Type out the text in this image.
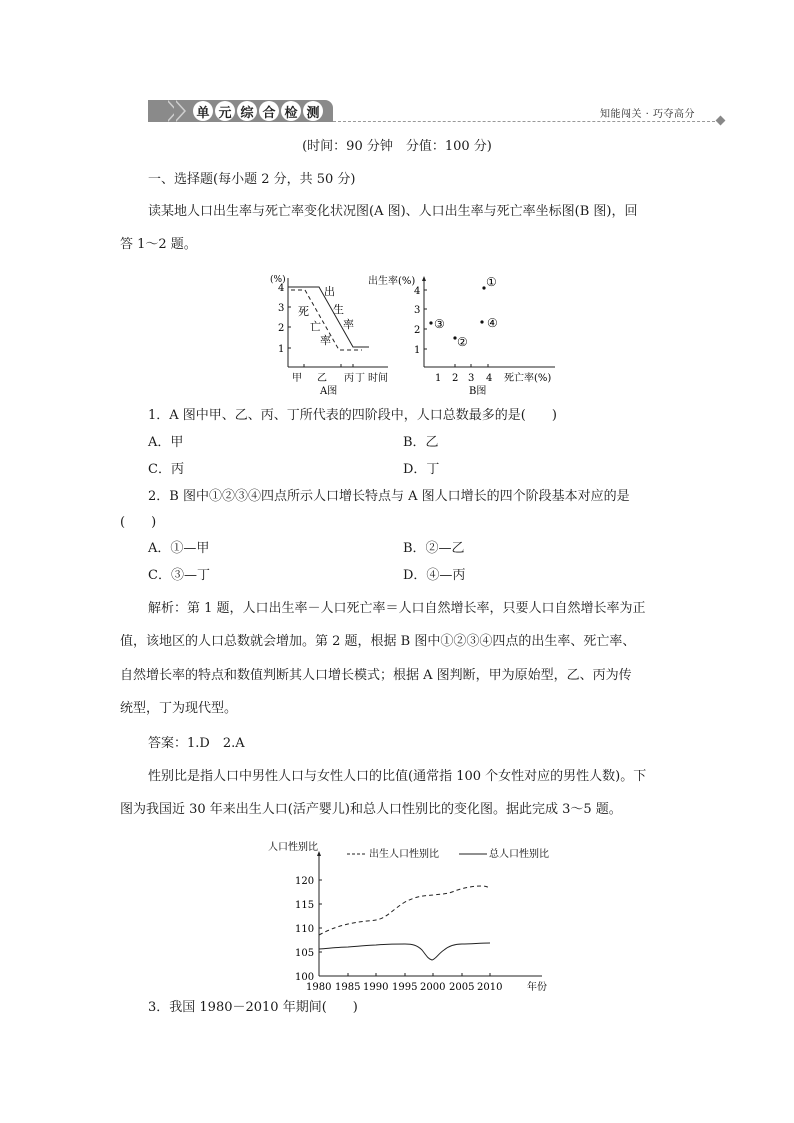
单 元 综 合 检 测	知能闯关 · 巧夺高分
(时间：90 分钟　分值：100 分)
一、选择题(每小题 2 分，共 50 分)
读某地人口出生率与死亡率变化状况图(A 图)、人口出生率与死亡率坐标图(B 图)，回
答 1～2 题。
(%)
4
3
2
1
出
生
率
死
亡
率
甲 乙 丙 丁 时间
A图
出生率(%)
4
3
2
1
1 2 3 4 死亡率(%)
B图
①
②
③	④
1．A 图中甲、乙、丙、丁所代表的四阶段中，人口总数最多的是(　　)
A．甲	B．乙
C．丙	D．丁
2．B 图中①②③④四点所示人口增长特点与 A 图人口增长的四个阶段基本对应的是
(　　)
A．①—甲	B．②—乙
C．③—丁	D．④—丙
解析：第 1 题，人口出生率－人口死亡率＝人口自然增长率，只要人口自然增长率为正
值，该地区的人口总数就会增加。第 2 题，根据 B 图中①②③④四点的出生率、死亡率、
自然增长率的特点和数值判断其人口增长模式；根据 A 图判断，甲为原始型，乙、丙为传
统型，丁为现代型。
答案：1.D　2.A
性别比是指人口中男性人口与女性人口的比值(通常指 100 个女性对应的男性人数)。下
图为我国近 30 年来出生人口(活产婴儿)和总人口性别比的变化图。据此完成 3～5 题。
人口性别比
出生人口性别比	总人口性别比
100
105
110
115
120
1980 1985 1990 1995 2000 2005 2010 年份
3．我国 1980－2010 年期间(　　)
